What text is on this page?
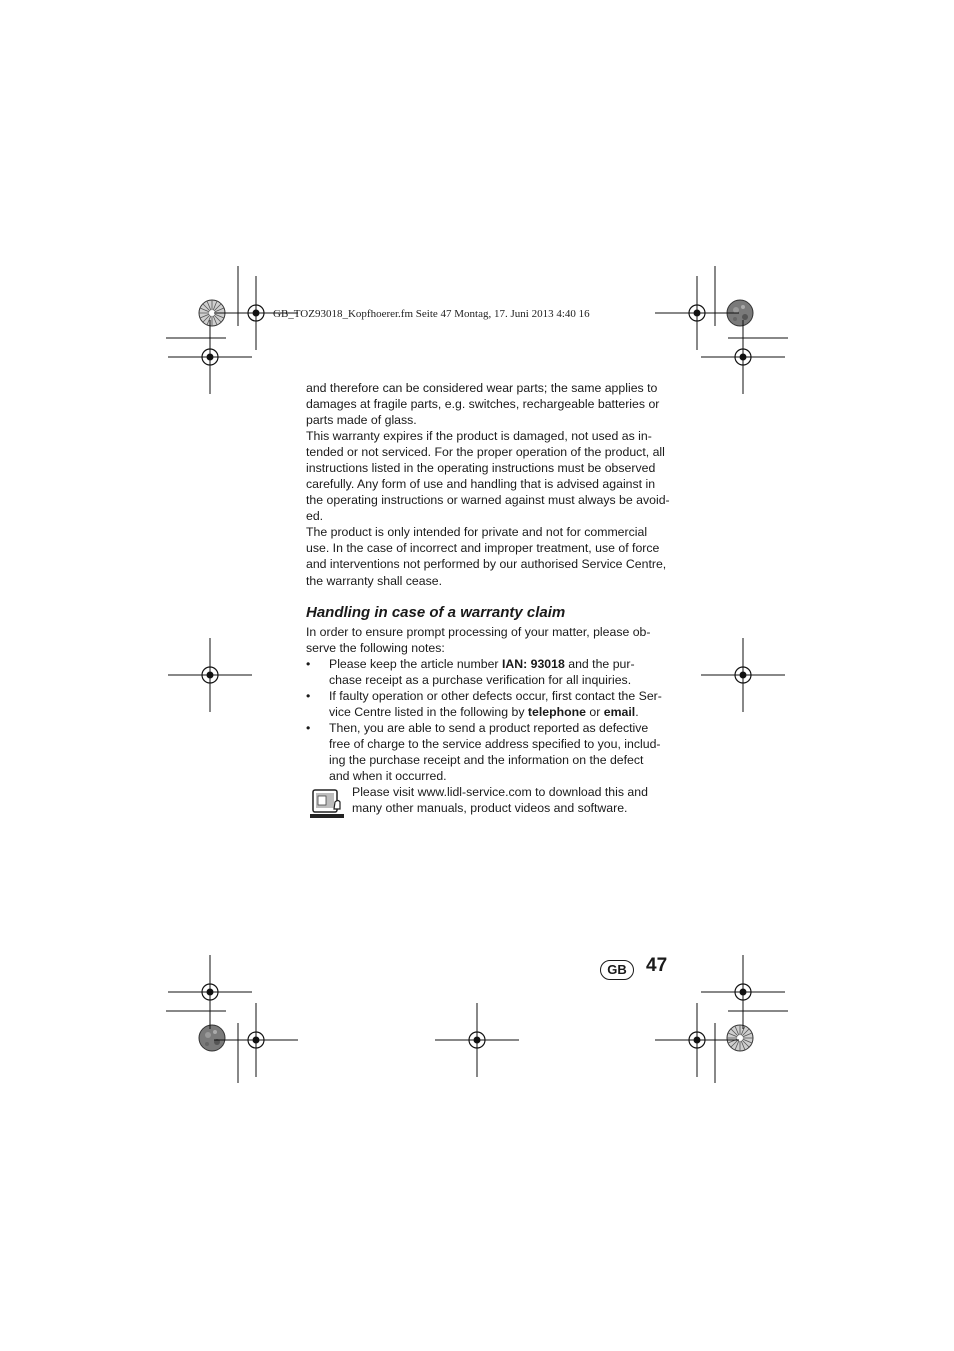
GB_TOZ93018_Kopfhoerer.fm Seite 47 Montag, 17. Juni 2013 4:40 16
and therefore can be considered wear parts; the same applies to
damages at fragile parts, e.g. switches, rechargeable batteries or
parts made of glass.
This warranty expires if the product is damaged, not used as in-
tended or not serviced. For the proper operation of the product, all
instructions listed in the operating instructions must be observed
carefully. Any form of use and handling that is advised against in
the operating instructions or warned against must always be avoid-
ed.
The product is only intended for private and not for commercial
use. In the case of incorrect and improper treatment, use of force
and interventions not performed by our authorised Service Centre,
the warranty shall cease.
Handling in case of a warranty claim
In order to ensure prompt processing of your matter, please ob-
serve the following notes:
• Please keep the article number IAN: 93018 and the pur-
chase receipt as a purchase verification for all inquiries.
• If faulty operation or other defects occur, first contact the Ser-
vice Centre listed in the following by telephone or email.
• Then, you are able to send a product reported as defective
free of charge to the service address specified to you, includ-
ing the purchase receipt and the information on the defect
and when it occurred.
Please visit www.lidl-service.com to download this and
many other manuals, product videos and software.
GB	47
